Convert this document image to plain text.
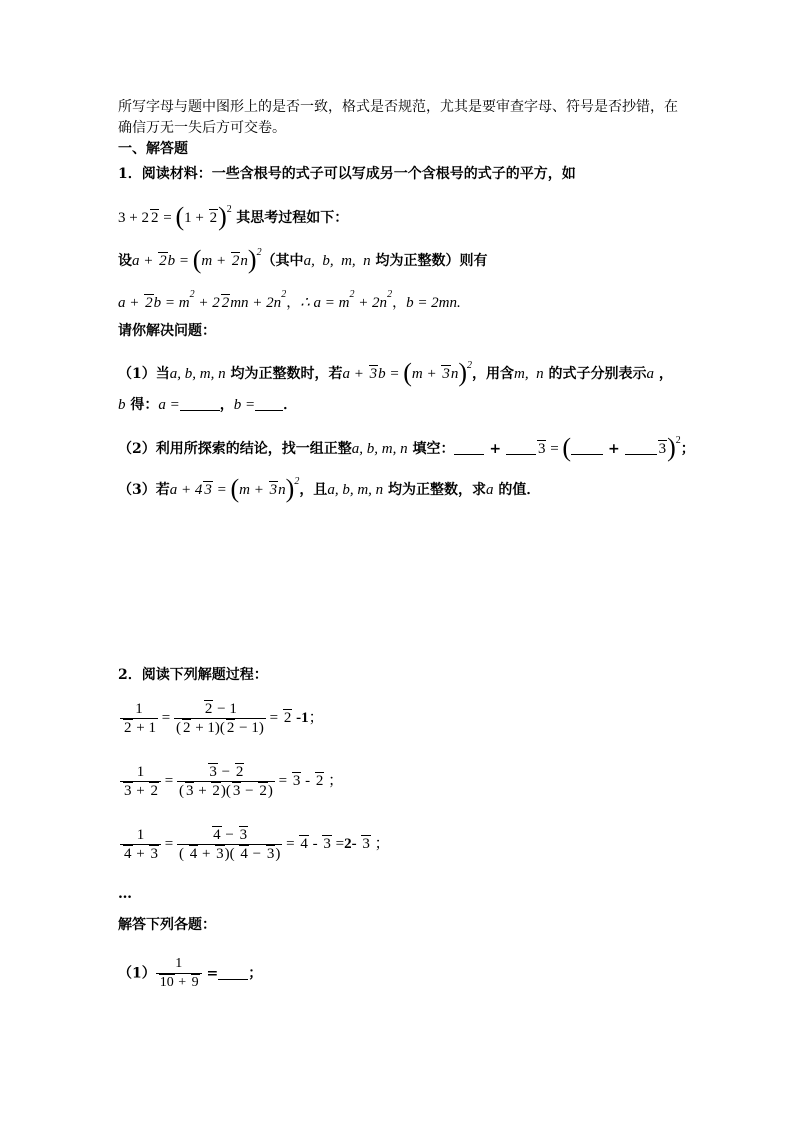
所写字母与题中图形上的是否一致，格式是否规范，尤其是要审查字母、符号是否抄错，在
确信万无一失后方可交卷。
一、解答题
1．阅读材料：一些含根号的式子可以写成另一个含根号的式子的平方，如
3 + 2 $2 = (1 + 2)^2$ 其思考过程如下：
设$a + 2b = (m + 2n)^2$（其中a,  b,  m,  n 均为正整数）则有
$a + 2b = m^2 + 2$ $2mn + 2n^2$，∴ $a = m^2 + 2n^2$，b = 2mn.
请你解决问题：
（1）当a, b, m, n 均为正整数时，若$a + 3b = (m + 3n)^2$，用含m,  n 的式子分别表示a ，
b 得：a =	，b = ．
（2）利用所探索的结论，找一组正整a, b, m, n 填空： + 3 = ( + 3)$^2$；
（3）若a + 4 $3 = (m + 3n)^2$，且a, b, m, n 均为正整数，求a 的值．
2．阅读下列解题过程：
$\frac{1}{2 + 1} = \frac{2 - 1}{( 2 + 1)( 2 - 1)} = 2$ -1；
$\frac{1}{3 + 2} = \frac{3 - 2}{( 3 + 2)( 3 - 2)} = 3 - 2$ ；
$\frac{1}{4 + 3} = \frac{4 - 3}{( 4 + 3)( 4 - 3)} = 4 - 3 =2-$ 3 ；
…
解答下列各题：
$(1) \frac{1}{10 + 9}$ = ；
